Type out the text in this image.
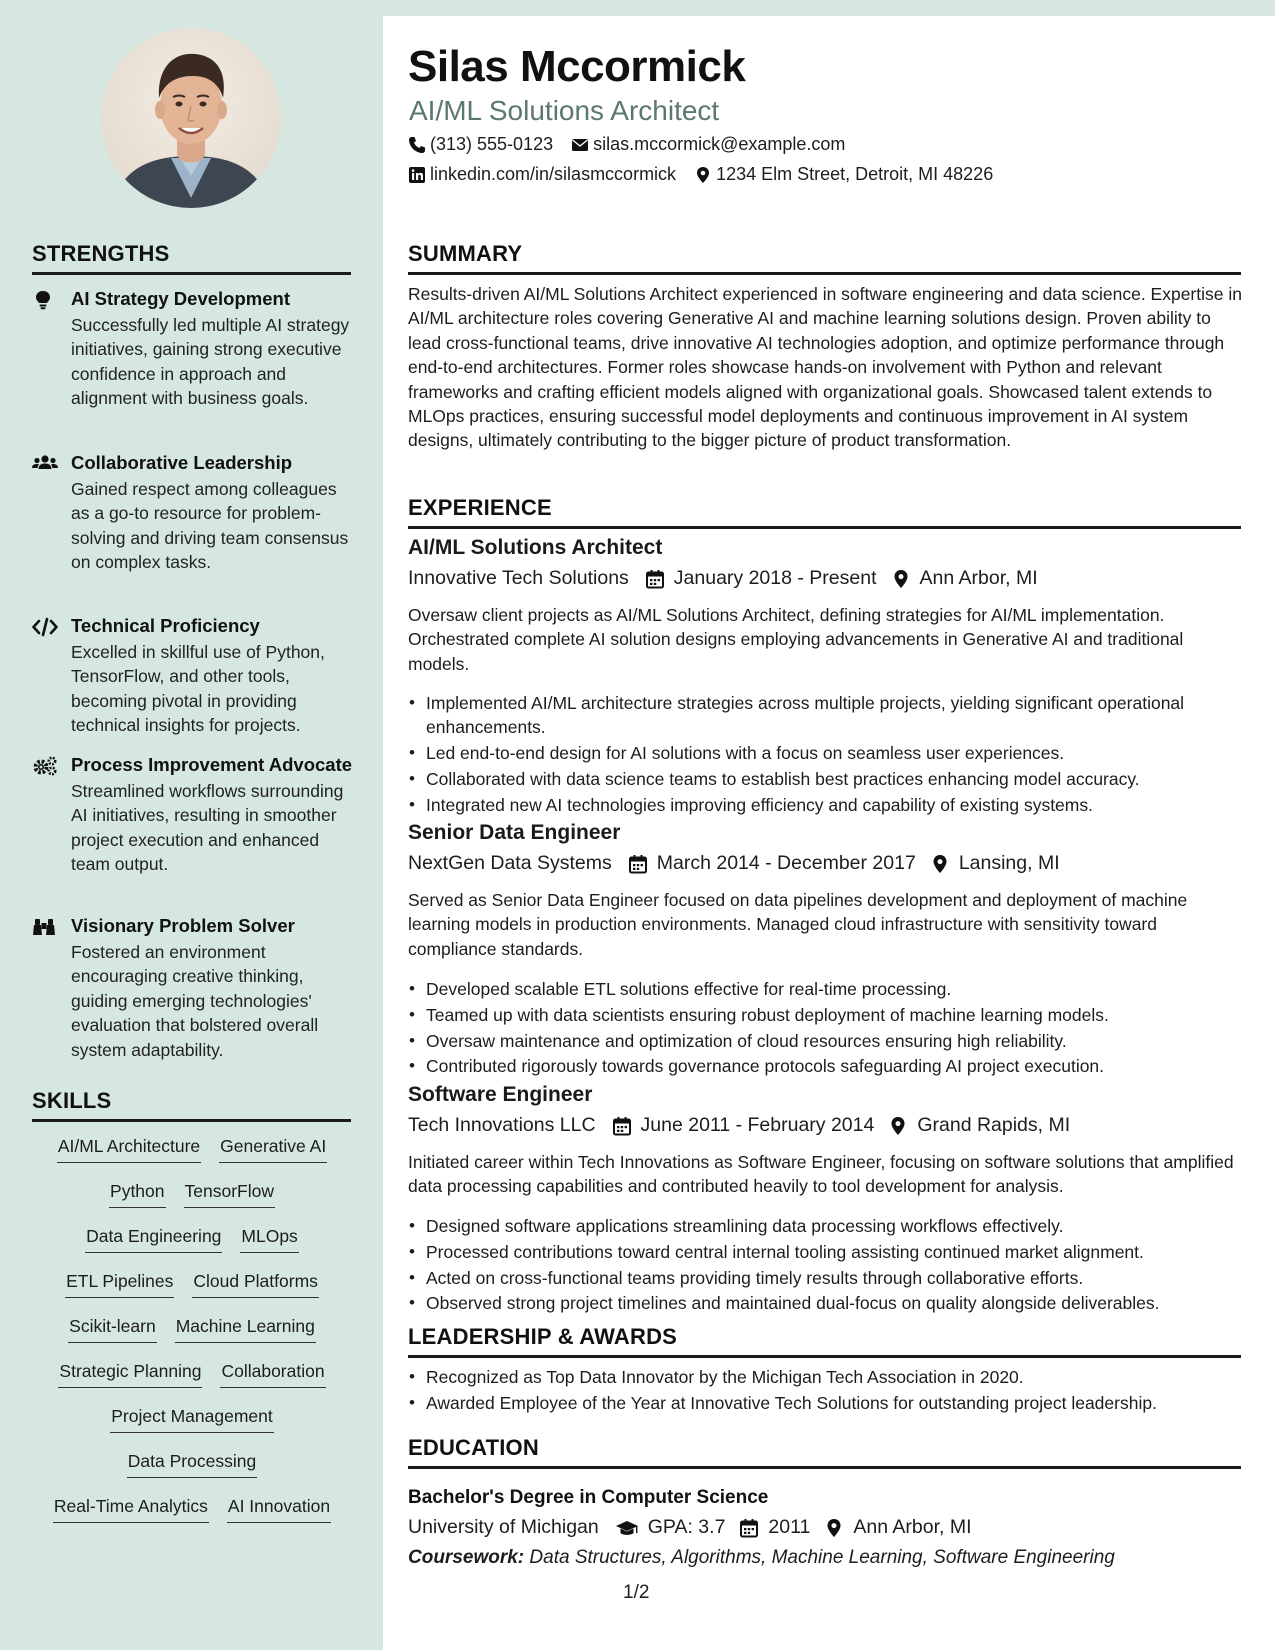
STRENGTHS
AI Strategy Development
Successfully led multiple AI strategy initiatives, gaining strong executive confidence in approach and alignment with business goals.
Collaborative Leadership
Gained respect among colleagues as a go-to resource for problem-solving and driving team consensus on complex tasks.
Technical Proficiency
Excelled in skillful use of Python, TensorFlow, and other tools, becoming pivotal in providing technical insights for projects.
Process Improvement Advocate
Streamlined workflows surrounding AI initiatives, resulting in smoother project execution and enhanced team output.
Visionary Problem Solver
Fostered an environment encouraging creative thinking, guiding emerging technologies' evaluation that bolstered overall system adaptability.
SKILLS
AI/ML Architecture Generative AI
Python TensorFlow
Data Engineering MLOps
ETL Pipelines Cloud Platforms
Scikit-learn Machine Learning
Strategic Planning Collaboration
Project Management
Data Processing
Real-Time Analytics AI Innovation
Silas Mccormick
AI/ML Solutions Architect
(313) 555-0123 silas.mccormick@example.com
linkedin.com/in/silasmccormick 1234 Elm Street, Detroit, MI 48226
SUMMARY
Results-driven AI/ML Solutions Architect experienced in software engineering and data science. Expertise in AI/ML architecture roles covering Generative AI and machine learning solutions design. Proven ability to lead cross-functional teams, drive innovative AI technologies adoption, and optimize performance through end-to-end architectures. Former roles showcase hands-on involvement with Python and relevant frameworks and crafting efficient models aligned with organizational goals. Showcased talent extends to MLOps practices, ensuring successful model deployments and continuous improvement in AI system designs, ultimately contributing to the bigger picture of product transformation.
EXPERIENCE
AI/ML Solutions Architect
Innovative Tech Solutions January 2018 - Present Ann Arbor, MI
Oversaw client projects as AI/ML Solutions Architect, defining strategies for AI/ML implementation. Orchestrated complete AI solution designs employing advancements in Generative AI and traditional models.
• Implemented AI/ML architecture strategies across multiple projects, yielding significant operational enhancements.
• Led end-to-end design for AI solutions with a focus on seamless user experiences.
• Collaborated with data science teams to establish best practices enhancing model accuracy.
• Integrated new AI technologies improving efficiency and capability of existing systems.
Senior Data Engineer
NextGen Data Systems March 2014 - December 2017 Lansing, MI
Served as Senior Data Engineer focused on data pipelines development and deployment of machine learning models in production environments. Managed cloud infrastructure with sensitivity toward compliance standards.
• Developed scalable ETL solutions effective for real-time processing.
• Teamed up with data scientists ensuring robust deployment of machine learning models.
• Oversaw maintenance and optimization of cloud resources ensuring high reliability.
• Contributed rigorously towards governance protocols safeguarding AI project execution.
Software Engineer
Tech Innovations LLC June 2011 - February 2014 Grand Rapids, MI
Initiated career within Tech Innovations as Software Engineer, focusing on software solutions that amplified data processing capabilities and contributed heavily to tool development for analysis.
• Designed software applications streamlining data processing workflows effectively.
• Processed contributions toward central internal tooling assisting continued market alignment.
• Acted on cross-functional teams providing timely results through collaborative efforts.
• Observed strong project timelines and maintained dual-focus on quality alongside deliverables.
LEADERSHIP & AWARDS
• Recognized as Top Data Innovator by the Michigan Tech Association in 2020.
• Awarded Employee of the Year at Innovative Tech Solutions for outstanding project leadership.
EDUCATION
Bachelor's Degree in Computer Science
University of Michigan	GPA: 3.7 2011 Ann Arbor, MI
Coursework: Data Structures, Algorithms, Machine Learning, Software Engineering
1/2
